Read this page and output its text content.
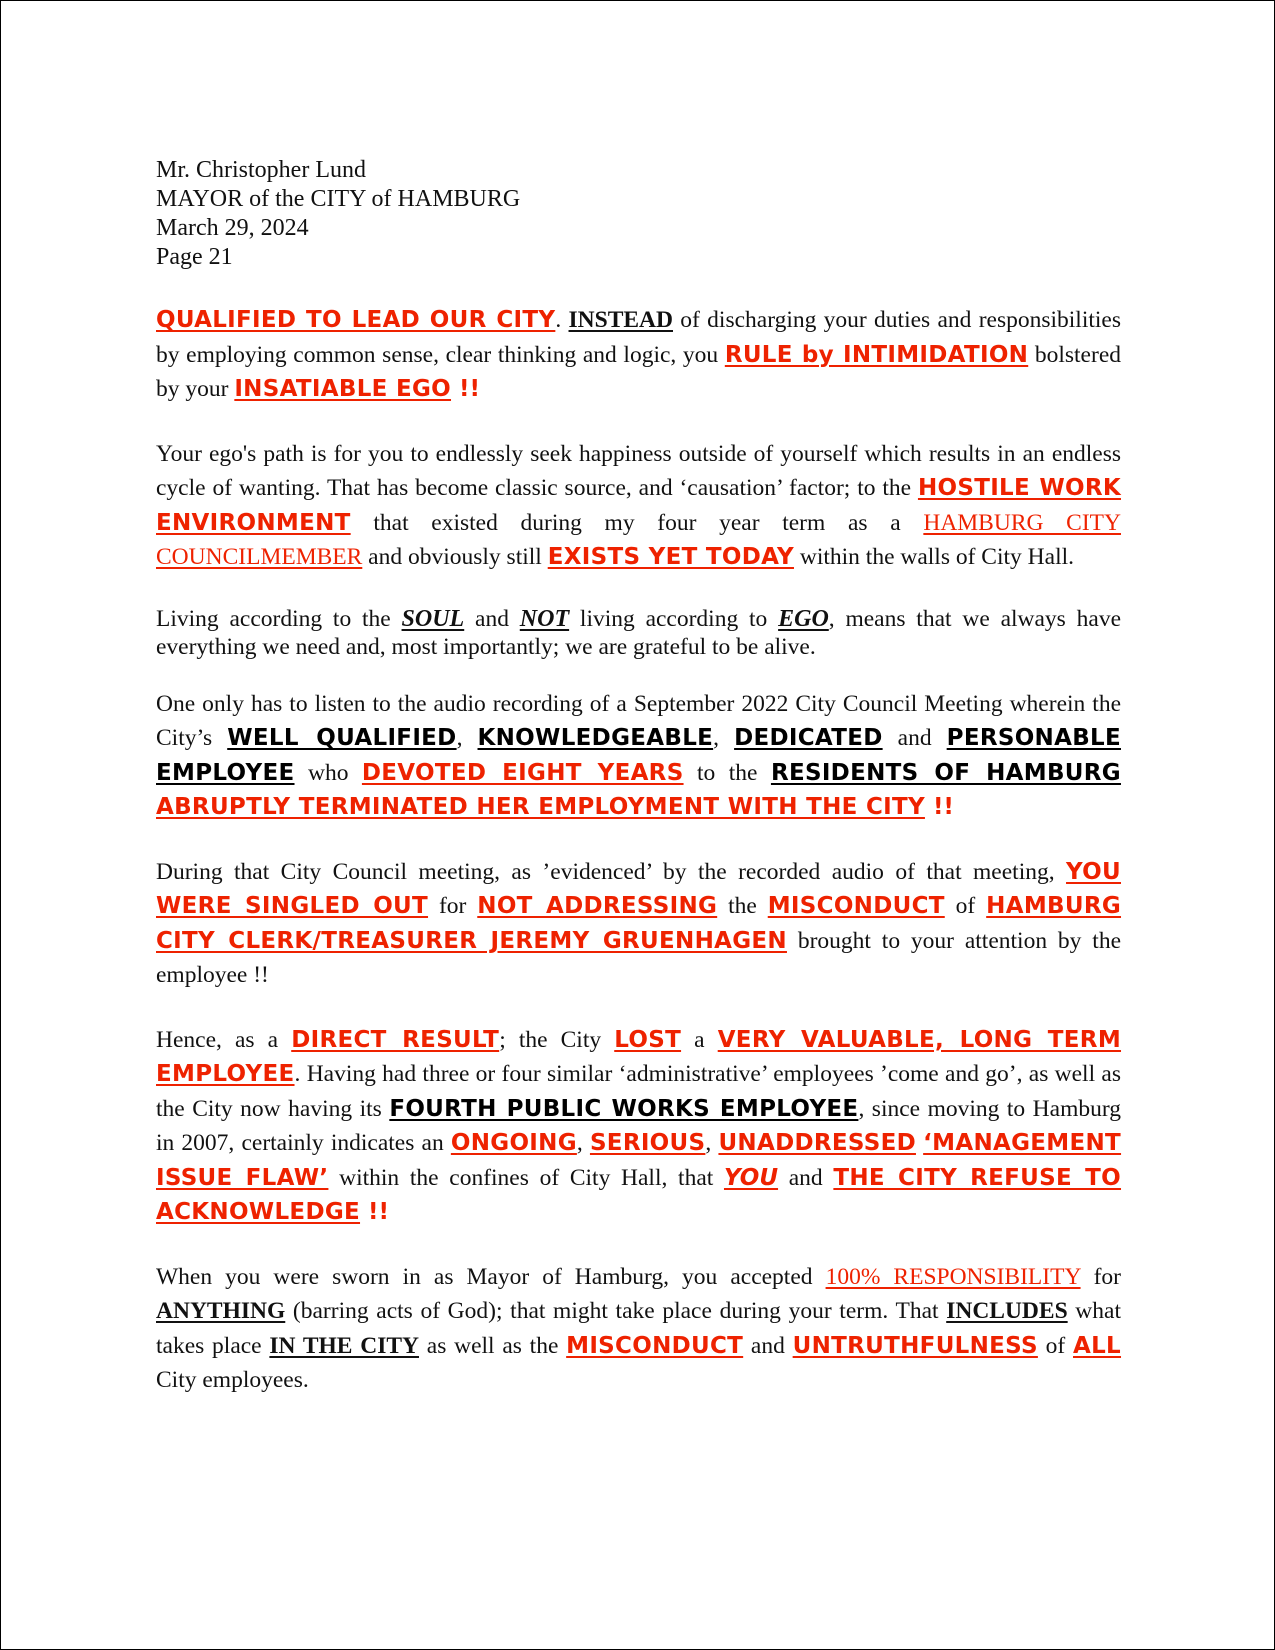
Mr. Christopher Lund
MAYOR of the CITY of HAMBURG
March 29, 2024
Page 21

QUALIFIED TO LEAD OUR CITY. INSTEAD of discharging your duties and responsibilities by employing common sense, clear thinking and logic, you RULE by INTIMIDATION bolstered by your INSATIABLE EGO !!

Your ego's path is for you to endlessly seek happiness outside of yourself which results in an endless cycle of wanting. That has become classic source, and ‘causation’ factor; to the HOSTILE WORK ENVIRONMENT that existed during my four year term as a HAMBURG CITY COUNCILMEMBER and obviously still EXISTS YET TODAY within the walls of City Hall.

Living according to the SOUL and NOT living according to EGO, means that we always have everything we need and, most importantly; we are grateful to be alive.

One only has to listen to the audio recording of a September 2022 City Council Meeting wherein the City’s WELL QUALIFIED, KNOWLEDGEABLE, DEDICATED and PERSONABLE EMPLOYEE who DEVOTED EIGHT YEARS to the RESIDENTS OF HAMBURG ABRUPTLY TERMINATED HER EMPLOYMENT WITH THE CITY !!

During that City Council meeting, as ’evidenced’ by the recorded audio of that meeting, YOU WERE SINGLED OUT for NOT ADDRESSING the MISCONDUCT of HAMBURG CITY CLERK/TREASURER JEREMY GRUENHAGEN brought to your attention by the employee !!

Hence, as a DIRECT RESULT; the City LOST a VERY VALUABLE, LONG TERM EMPLOYEE. Having had three or four similar ‘administrative’ employees ’come and go’, as well as the City now having its FOURTH PUBLIC WORKS EMPLOYEE, since moving to Hamburg in 2007, certainly indicates an ONGOING, SERIOUS, UNADDRESSED ‘MANAGEMENT ISSUE FLAW’ within the confines of City Hall, that YOU and THE CITY REFUSE TO ACKNOWLEDGE !!

When you were sworn in as Mayor of Hamburg, you accepted 100% RESPONSIBILITY for ANYTHING (barring acts of God); that might take place during your term. That INCLUDES what takes place IN THE CITY as well as the MISCONDUCT and UNTRUTHFULNESS of ALL City employees.
